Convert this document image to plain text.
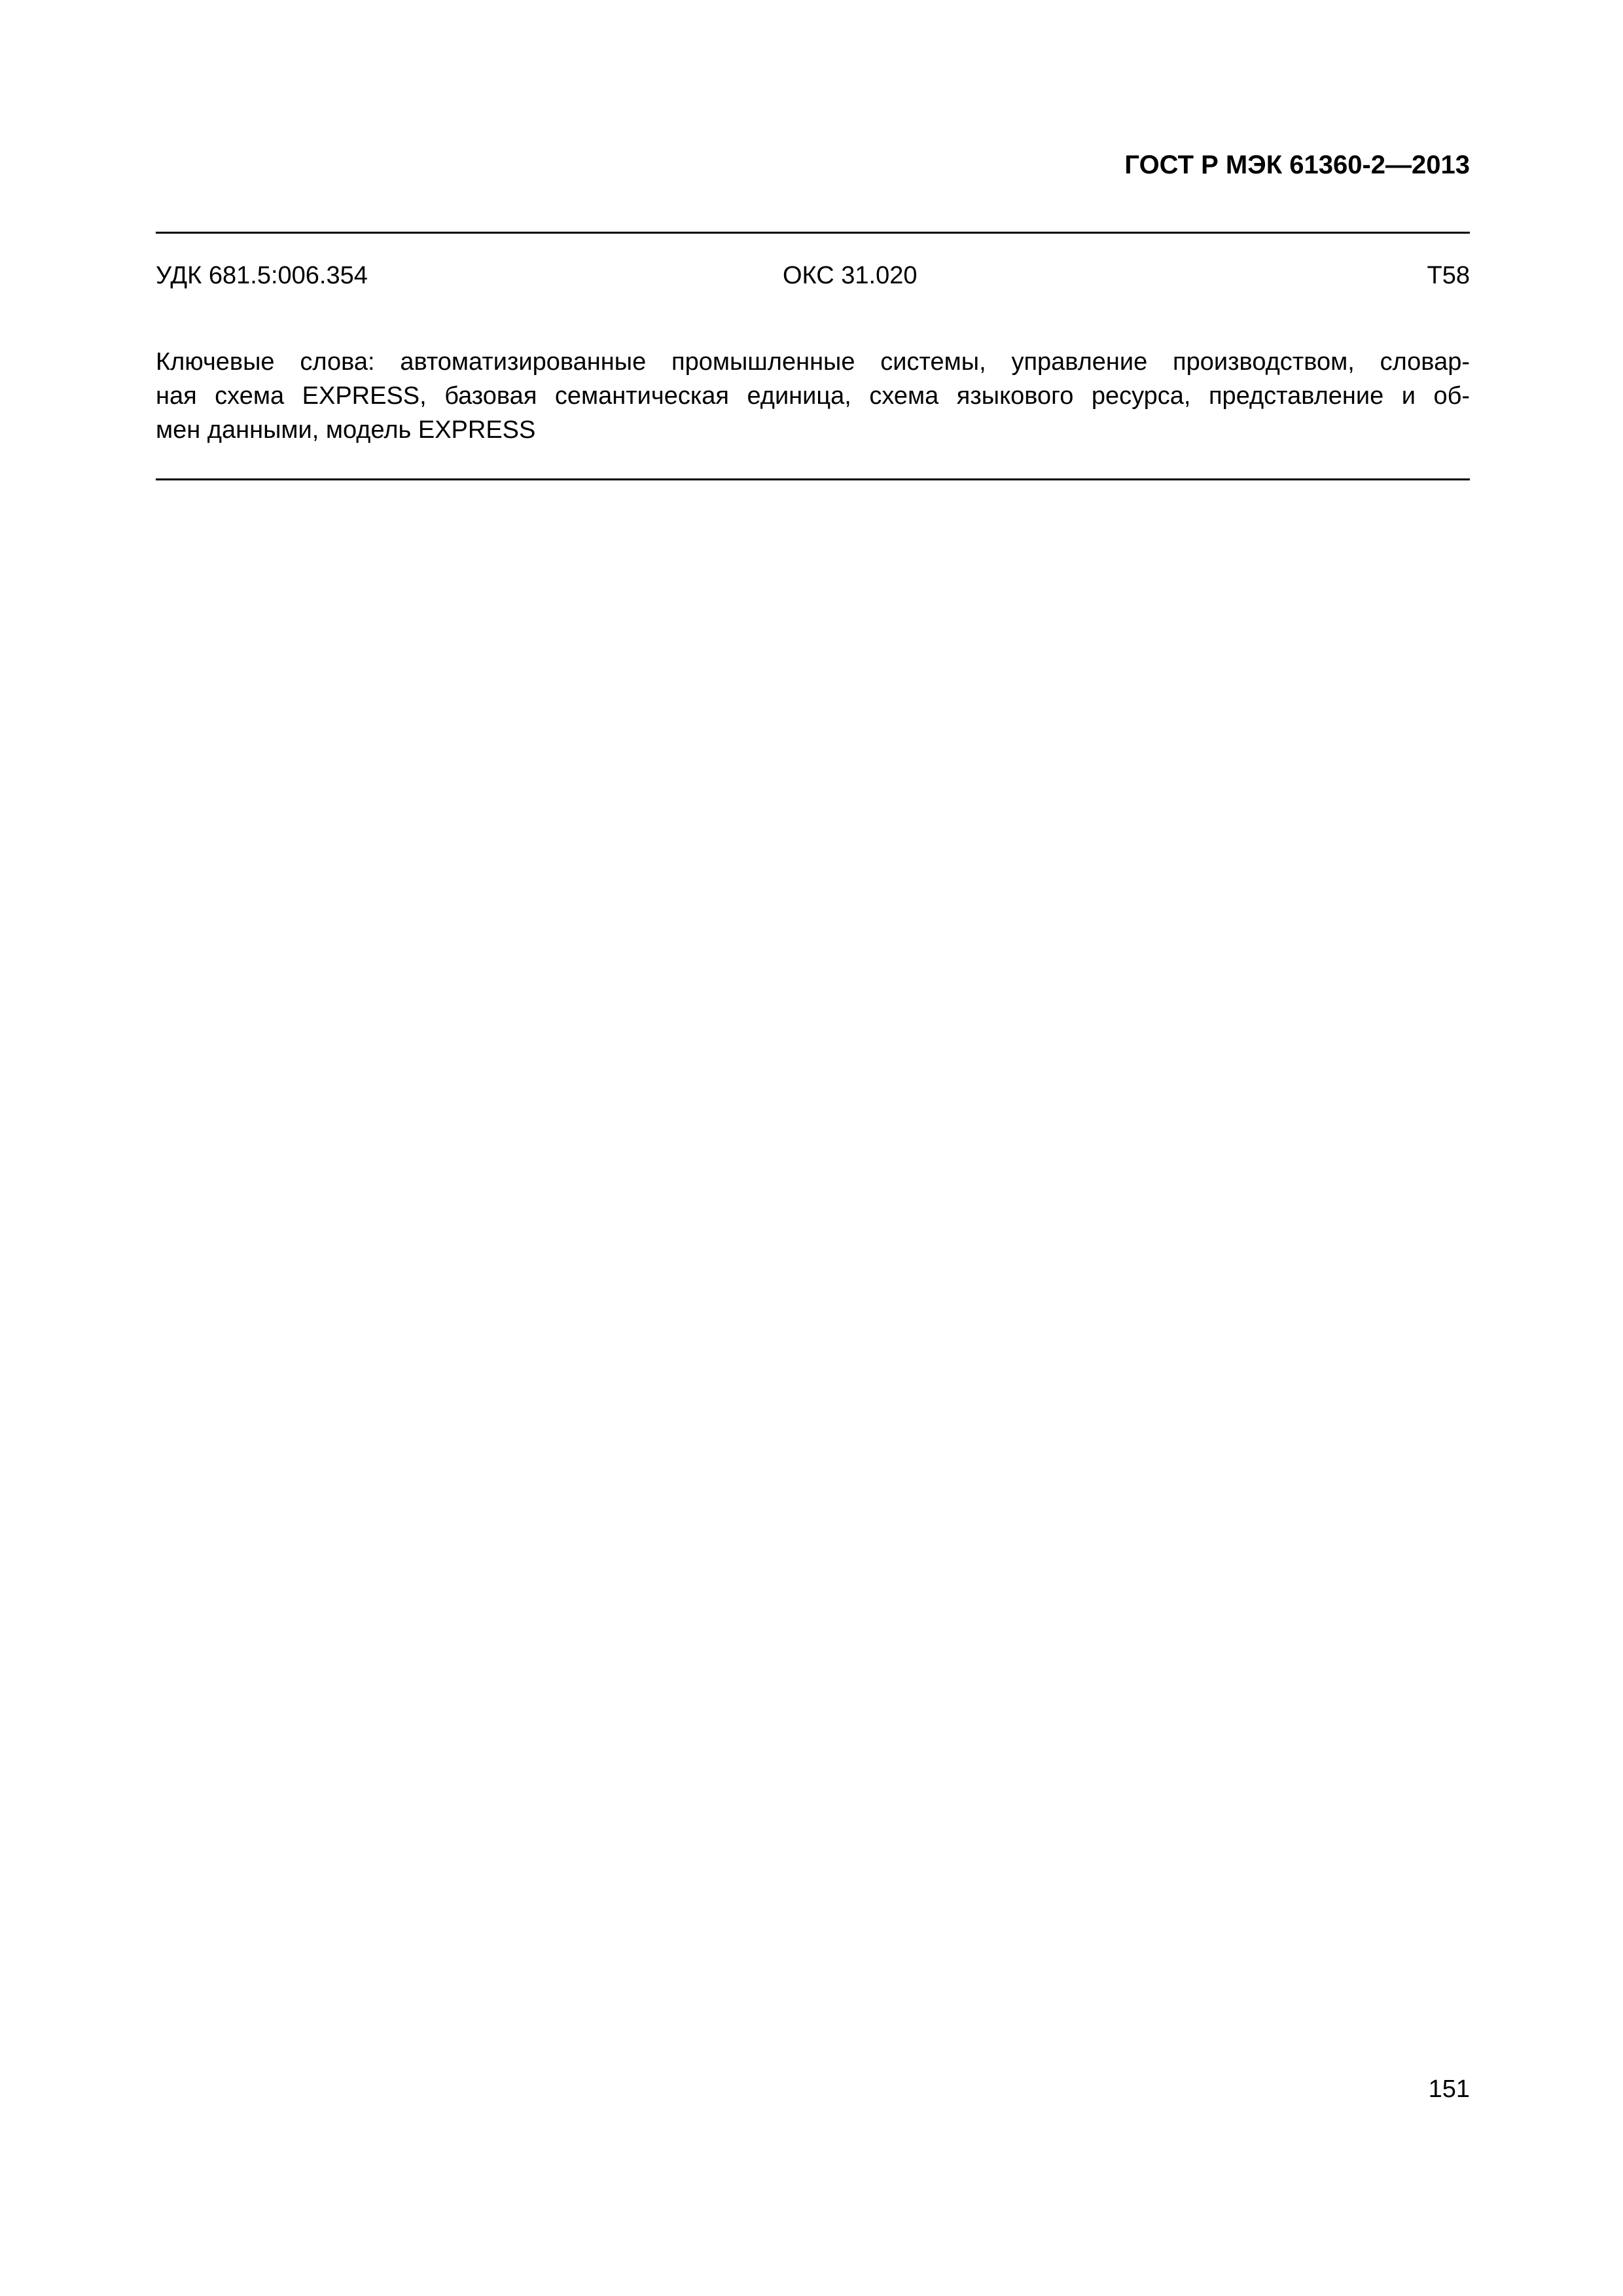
ГОСТ Р МЭК 61360-2—2013
УДК 681.5:006.354	ОКС 31.020	Т58
Ключевые слова: автоматизированные промышленные системы, управление производством, словар-
ная схема EXPRESS, базовая семантическая единица, схема языкового ресурса, представление и об-
мен данными, модель EXPRESS
151
